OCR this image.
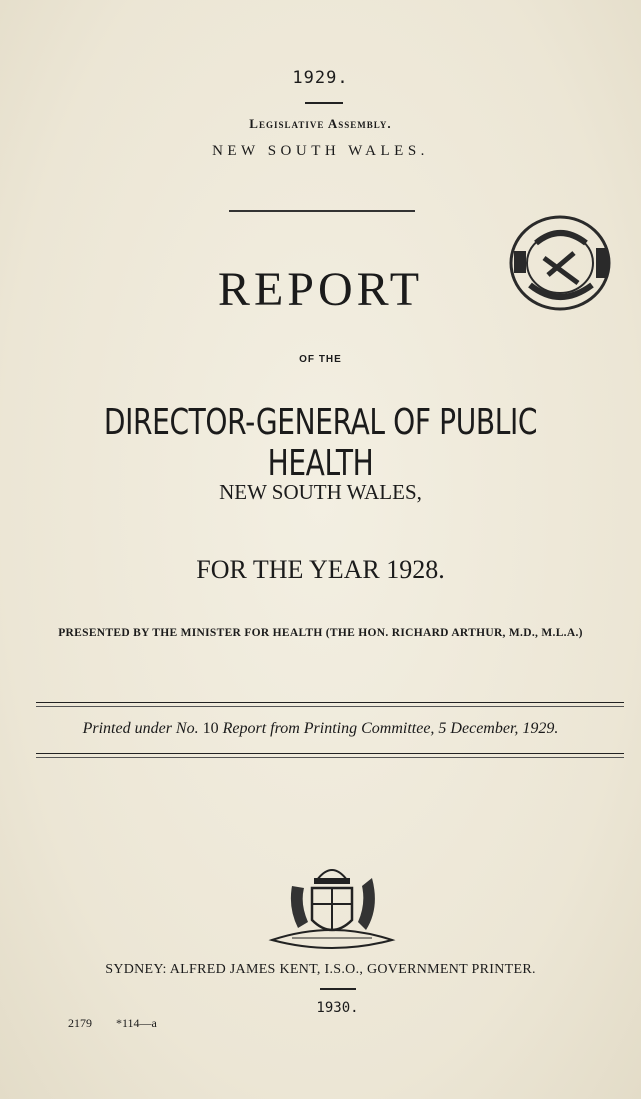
1929.
Legislative Assembly.
NEW SOUTH WALES.
REPORT
OF THE
DIRECTOR-GENERAL OF PUBLIC HEALTH
NEW SOUTH WALES,
FOR THE YEAR 1928.
PRESENTED BY THE MINISTER FOR HEALTH (THE HON. RICHARD ARTHUR, M.D., M.L.A.)
Printed under No. 10 Report from Printing Committee, 5 December, 1929.
SYDNEY: ALFRED JAMES KENT, I.S.O., GOVERNMENT PRINTER.
1930.
2179 *114—a
